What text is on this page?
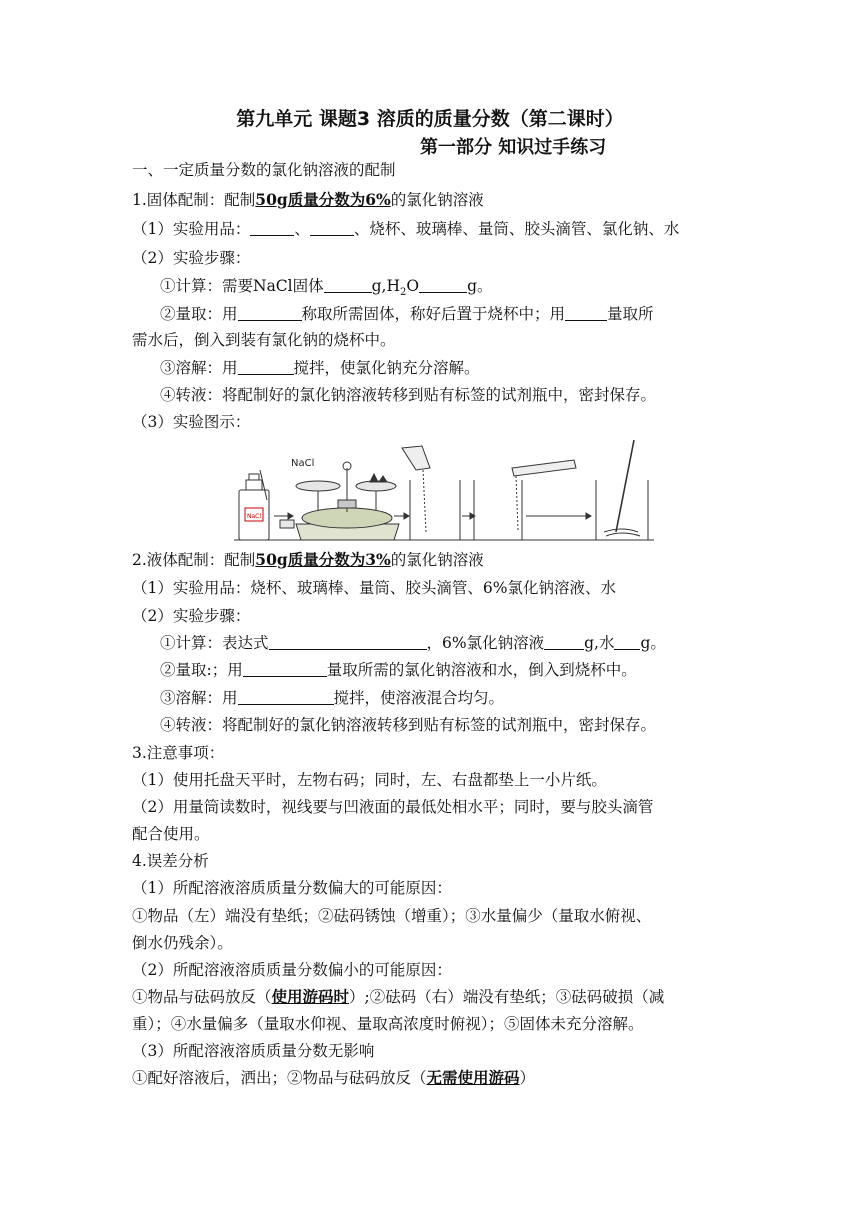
第九单元 课题3 溶质的质量分数（第二课时）
第一部分 知识过手练习
一、一定质量分数的氯化钠溶液的配制
1.固体配制：配制50g质量分数为6%的氯化钠溶液
（1）实验用品：	、	、烧杯、玻璃棒、量筒、胶头滴管、氯化钠、水
（2）实验步骤：
①计算：需要NaCl固体	$g,H_2O$	g。
②量取：用	称取所需固体，称好后置于烧杯中；用	量取所
需水后，倒入到装有氯化钠的烧杯中。
③溶解：用	搅拌，使氯化钠充分溶解。
④转液：将配制好的氯化钠溶液转移到贴有标签的试剂瓶中，密封保存。
（3）实验图示：
NaCl
NaCl
2.液体配制：配制50g质量分数为3%的氯化钠溶液
（1）实验用品：烧杯、玻璃棒、量筒、胶头滴管、6%氯化钠溶液、水
（2）实验步骤：
①计算：表达式	，6%氯化钠溶液	g,水 g。
②量取:；用	量取所需的氯化钠溶液和水，倒入到烧杯中。
③溶解：用	搅拌，使溶液混合均匀。
④转液：将配制好的氯化钠溶液转移到贴有标签的试剂瓶中，密封保存。
3.注意事项：
（1）使用托盘天平时，左物右码；同时，左、右盘都垫上一小片纸。
（2）用量筒读数时，视线要与凹液面的最低处相水平；同时，要与胶头滴管
配合使用。
4.误差分析
（1）所配溶液溶质质量分数偏大的可能原因：
①物品（左）端没有垫纸；②砝码锈蚀（增重）；③水量偏少（量取水俯视、
倒水仍残余）。
（2）所配溶液溶质质量分数偏小的可能原因：
①物品与砝码放反（使用游码时）;②砝码（右）端没有垫纸；③砝码破损（减
重）；④水量偏多（量取水仰视、量取高浓度时俯视）；⑤固体未充分溶解。
（3）所配溶液溶质质量分数无影响
①配好溶液后，洒出；②物品与砝码放反（无需使用游码）
